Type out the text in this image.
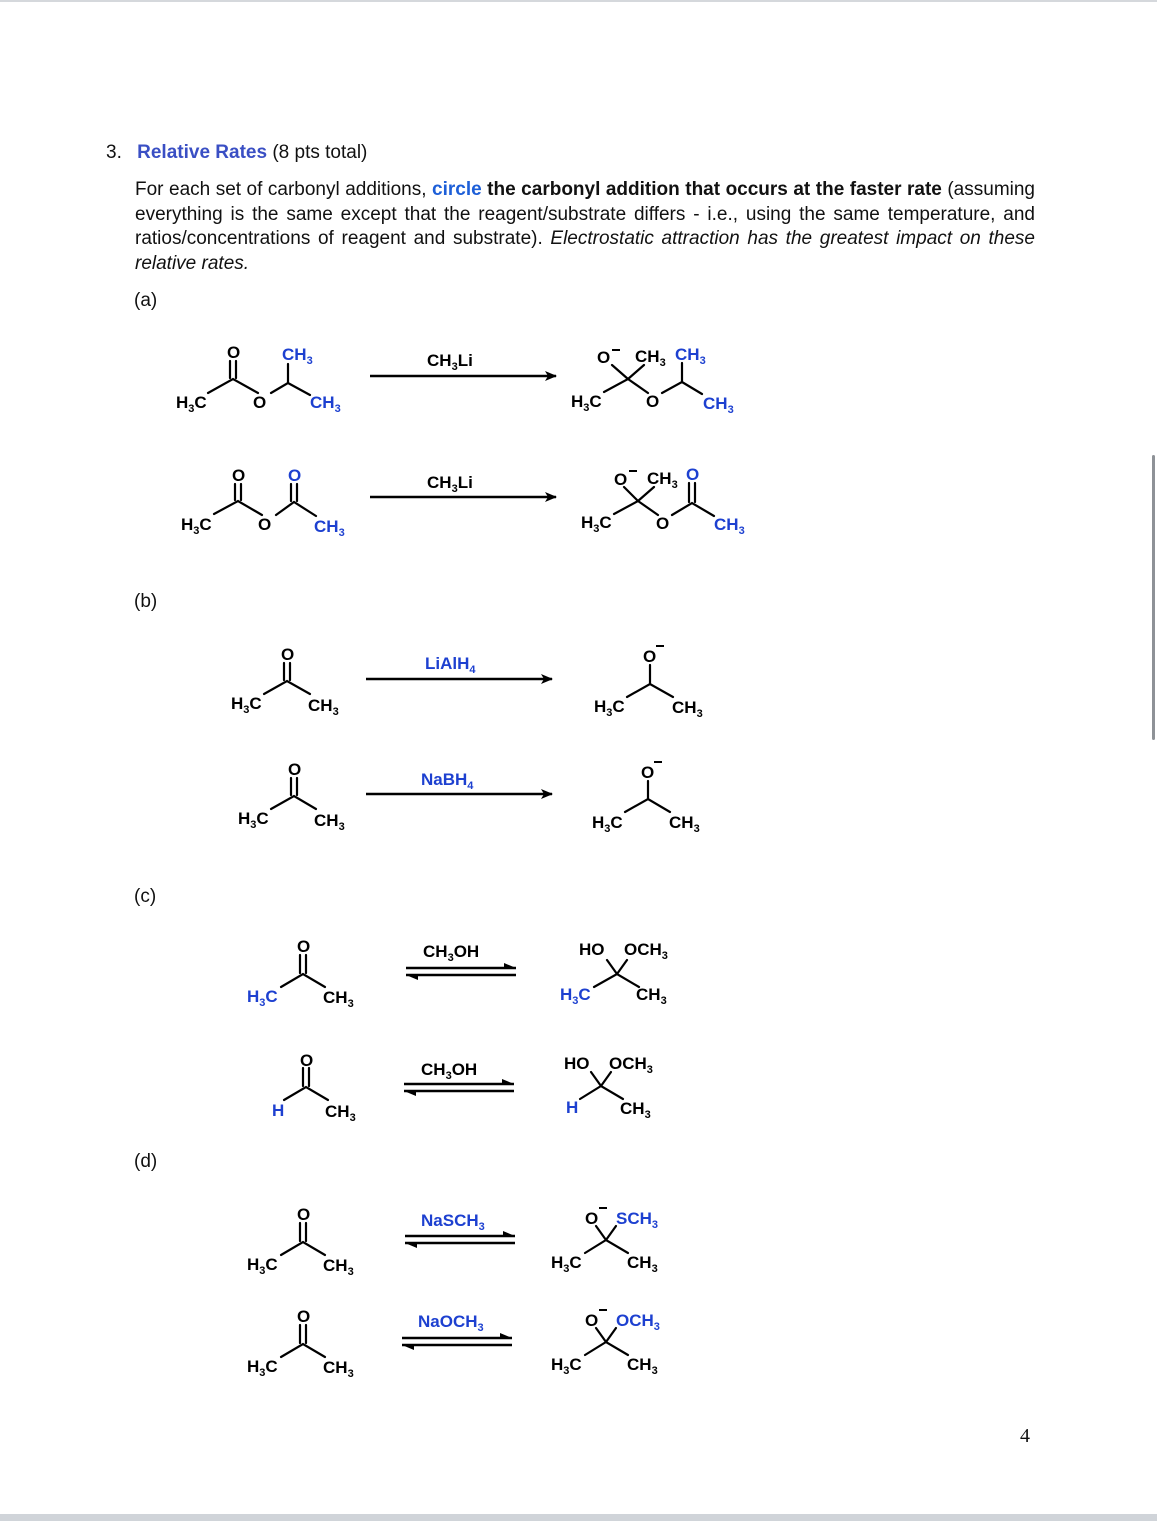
3. Relative Rates (8 pts total)
For each set of carbonyl additions, circle the carbonyl addition that occurs at the faster rate (assuming everything is the same except that the reagent/substrate differs - i.e., using the same temperature, and ratios/concentrations of reagent and substrate). Electrostatic attraction has the greatest impact on these relative rates.
(a)
(b)
(c)
(d)
$H_3C$
O
O
$CH_3$
$CH_3$
$CH_3Li$
$H_3C$
O $CH_3$
O
$CH_3$
$CH_3$
$H_3C$
O
O
O
$CH_3$
$CH_3Li$
$H_3C$
O $CH_3$
O
O
$CH_3$
$H_3C$
O
$CH_3$
LiAlH$_4$
$H_3C$
O
$CH_3$
$H_3C$
O
$CH_3$
NaBH$_4$
$H_3C$
O
$CH_3$
$H_3C$
O
$CH_3$
$CH_3OH$	HO $OCH_3$
$H_3C$	$CH_3$
H
O
$CH_3$
$CH_3OH$	HO $OCH_3$
H $CH_3$
$H_3C$
O
$CH_3$
NaSCH$_3$	O $SCH_3$
$H_3C$	$CH_3$
$H_3C$
O
$CH_3$
NaOCH$_3$	O $OCH_3$
$H_3C$	$CH_3$
4
